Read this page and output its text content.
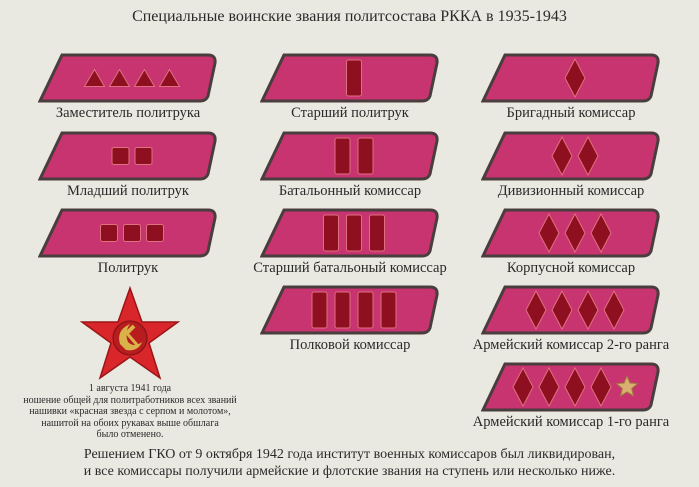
Специальные воинские звания политсостава РККА в 1935-1943
Заместитель политрука
Младший политрук
Политрук
Старший политрук
Батальонный комиссар
Старший батальоный комиссар
Полковой комиссар
Бригадный комиссар
Дивизионный комиссар
Корпусной комиссар
Армейский комиссар 2-го ранга
Армейский комиссар 1-го ранга
1 августа 1941 года
ношение общей для политработников всех званий
нашивки «красная звезда с серпом и молотом»,
нашитой на обоих рукавах выше обшлага
было отменено.
Решением ГКО от 9 октября 1942 года институт военных комиссаров был ликвидирован,
и все комиссары получили армейские и флотские звания на ступень или несколько ниже.
